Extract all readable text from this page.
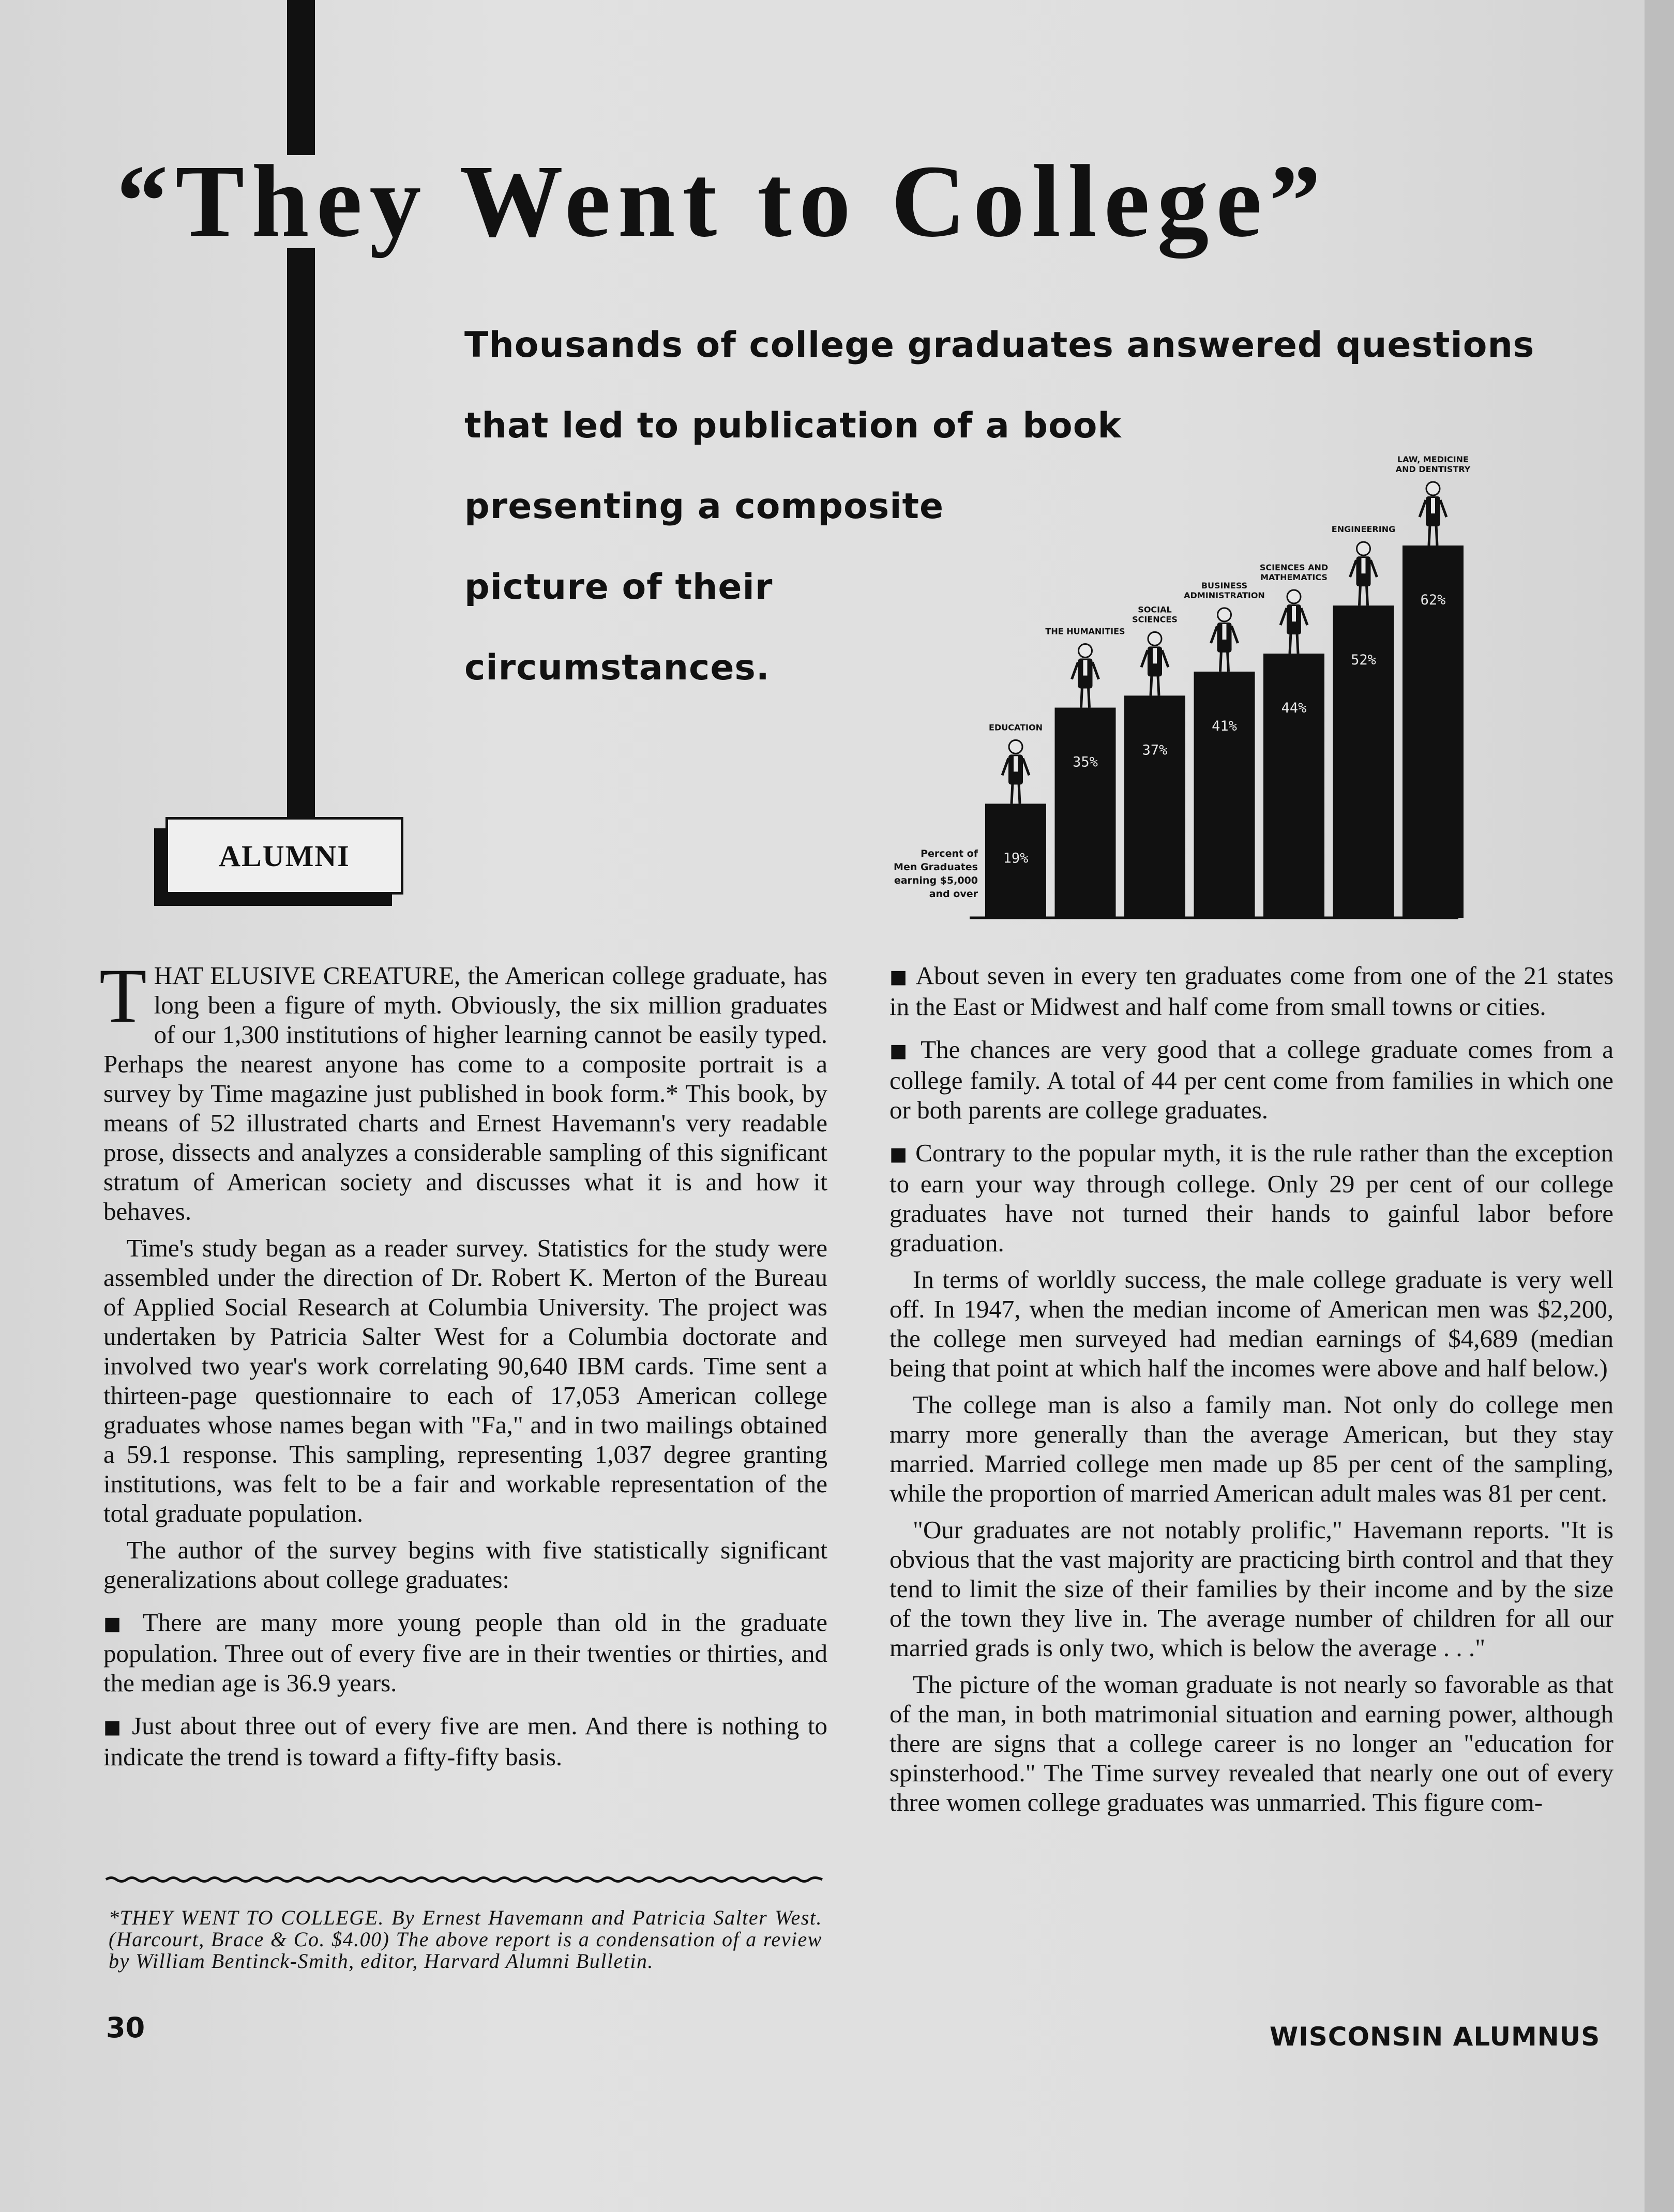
“They Went to College”
Thousands of college graduates answered questions
that led to publication of a book
presenting a composite
picture of their
circumstances.
ALUMNI	Percent of Men Graduates earning $5,000 and over
19%
EDUCATION
35%
THE HUMANITIES
37%
SOCIAL SCIENCES
41%
BUSINESS ADMINISTRATION
44%
SCIENCES AND MATHEMATICS
52%
ENGINEERING
62%
LAW, MEDICINE AND DENTISTRY

THAT ELUSIVE CREATURE, the American college graduate, has long been a figure of myth. Obviously, the six million graduates of our 1,300 institutions of higher learning cannot be easily typed. Perhaps the nearest anyone has come to a composite portrait is a survey by Time magazine just published in book form.* This book, by means of 52 illustrated charts and Ernest Havemann's very readable prose, dissects and analyzes a considerable sampling of this significant stratum of American society and discusses what it is and how it behaves.

Time's study began as a reader survey. Statistics for the study were assembled under the direction of Dr. Robert K. Merton of the Bureau of Applied Social Research at Columbia University. The project was undertaken by Patricia Salter West for a Columbia doctorate and involved two year's work correlating 90,640 IBM cards. Time sent a thirteen-page questionnaire to each of 17,053 American college graduates whose names began with "Fa," and in two mailings obtained a 59.1 response. This sampling, representing 1,037 degree granting institutions, was felt to be a fair and workable representation of the total graduate population.

The author of the survey begins with five statistically significant generalizations about college graduates:

■ There are many more young people than old in the graduate population. Three out of every five are in their twenties or thirties, and the median age is 36.9 years.

■ Just about three out of every five are men. And there is nothing to indicate the trend is toward a fifty-fifty basis.

■ About seven in every ten graduates come from one of the 21 states in the East or Midwest and half come from small towns or cities.

■ The chances are very good that a college graduate comes from a college family. A total of 44 per cent come from families in which one or both parents are college graduates.

■ Contrary to the popular myth, it is the rule rather than the exception to earn your way through college. Only 29 per cent of our college graduates have not turned their hands to gainful labor before graduation.

In terms of worldly success, the male college graduate is very well off. In 1947, when the median income of American men was $2,200, the college men surveyed had median earnings of $4,689 (median being that point at which half the incomes were above and half below.)

The college man is also a family man. Not only do college men marry more generally than the average American, but they stay married. Married college men made up 85 per cent of the sampling, while the proportion of married American adult males was 81 per cent.

"Our graduates are not notably prolific," Havemann reports. "It is obvious that the vast majority are practicing birth control and that they tend to limit the size of their families by their income and by the size of the town they live in. The average number of children for all our married grads is only two, which is below the average . . ."

The picture of the woman graduate is not nearly so favorable as that of the man, in both matrimonial situation and earning power, although there are signs that a college career is no longer an "education for spinsterhood." The Time survey revealed that nearly one out of every three women college graduates was unmarried. This figure com-

*THEY WENT TO COLLEGE. By Ernest Havemann and Patricia Salter West. (Harcourt, Brace & Co. $4.00) The above report is a condensation of a review by William Bentinck-Smith, editor, Harvard Alumni Bulletin.

30	WISCONSIN ALUMNUS
